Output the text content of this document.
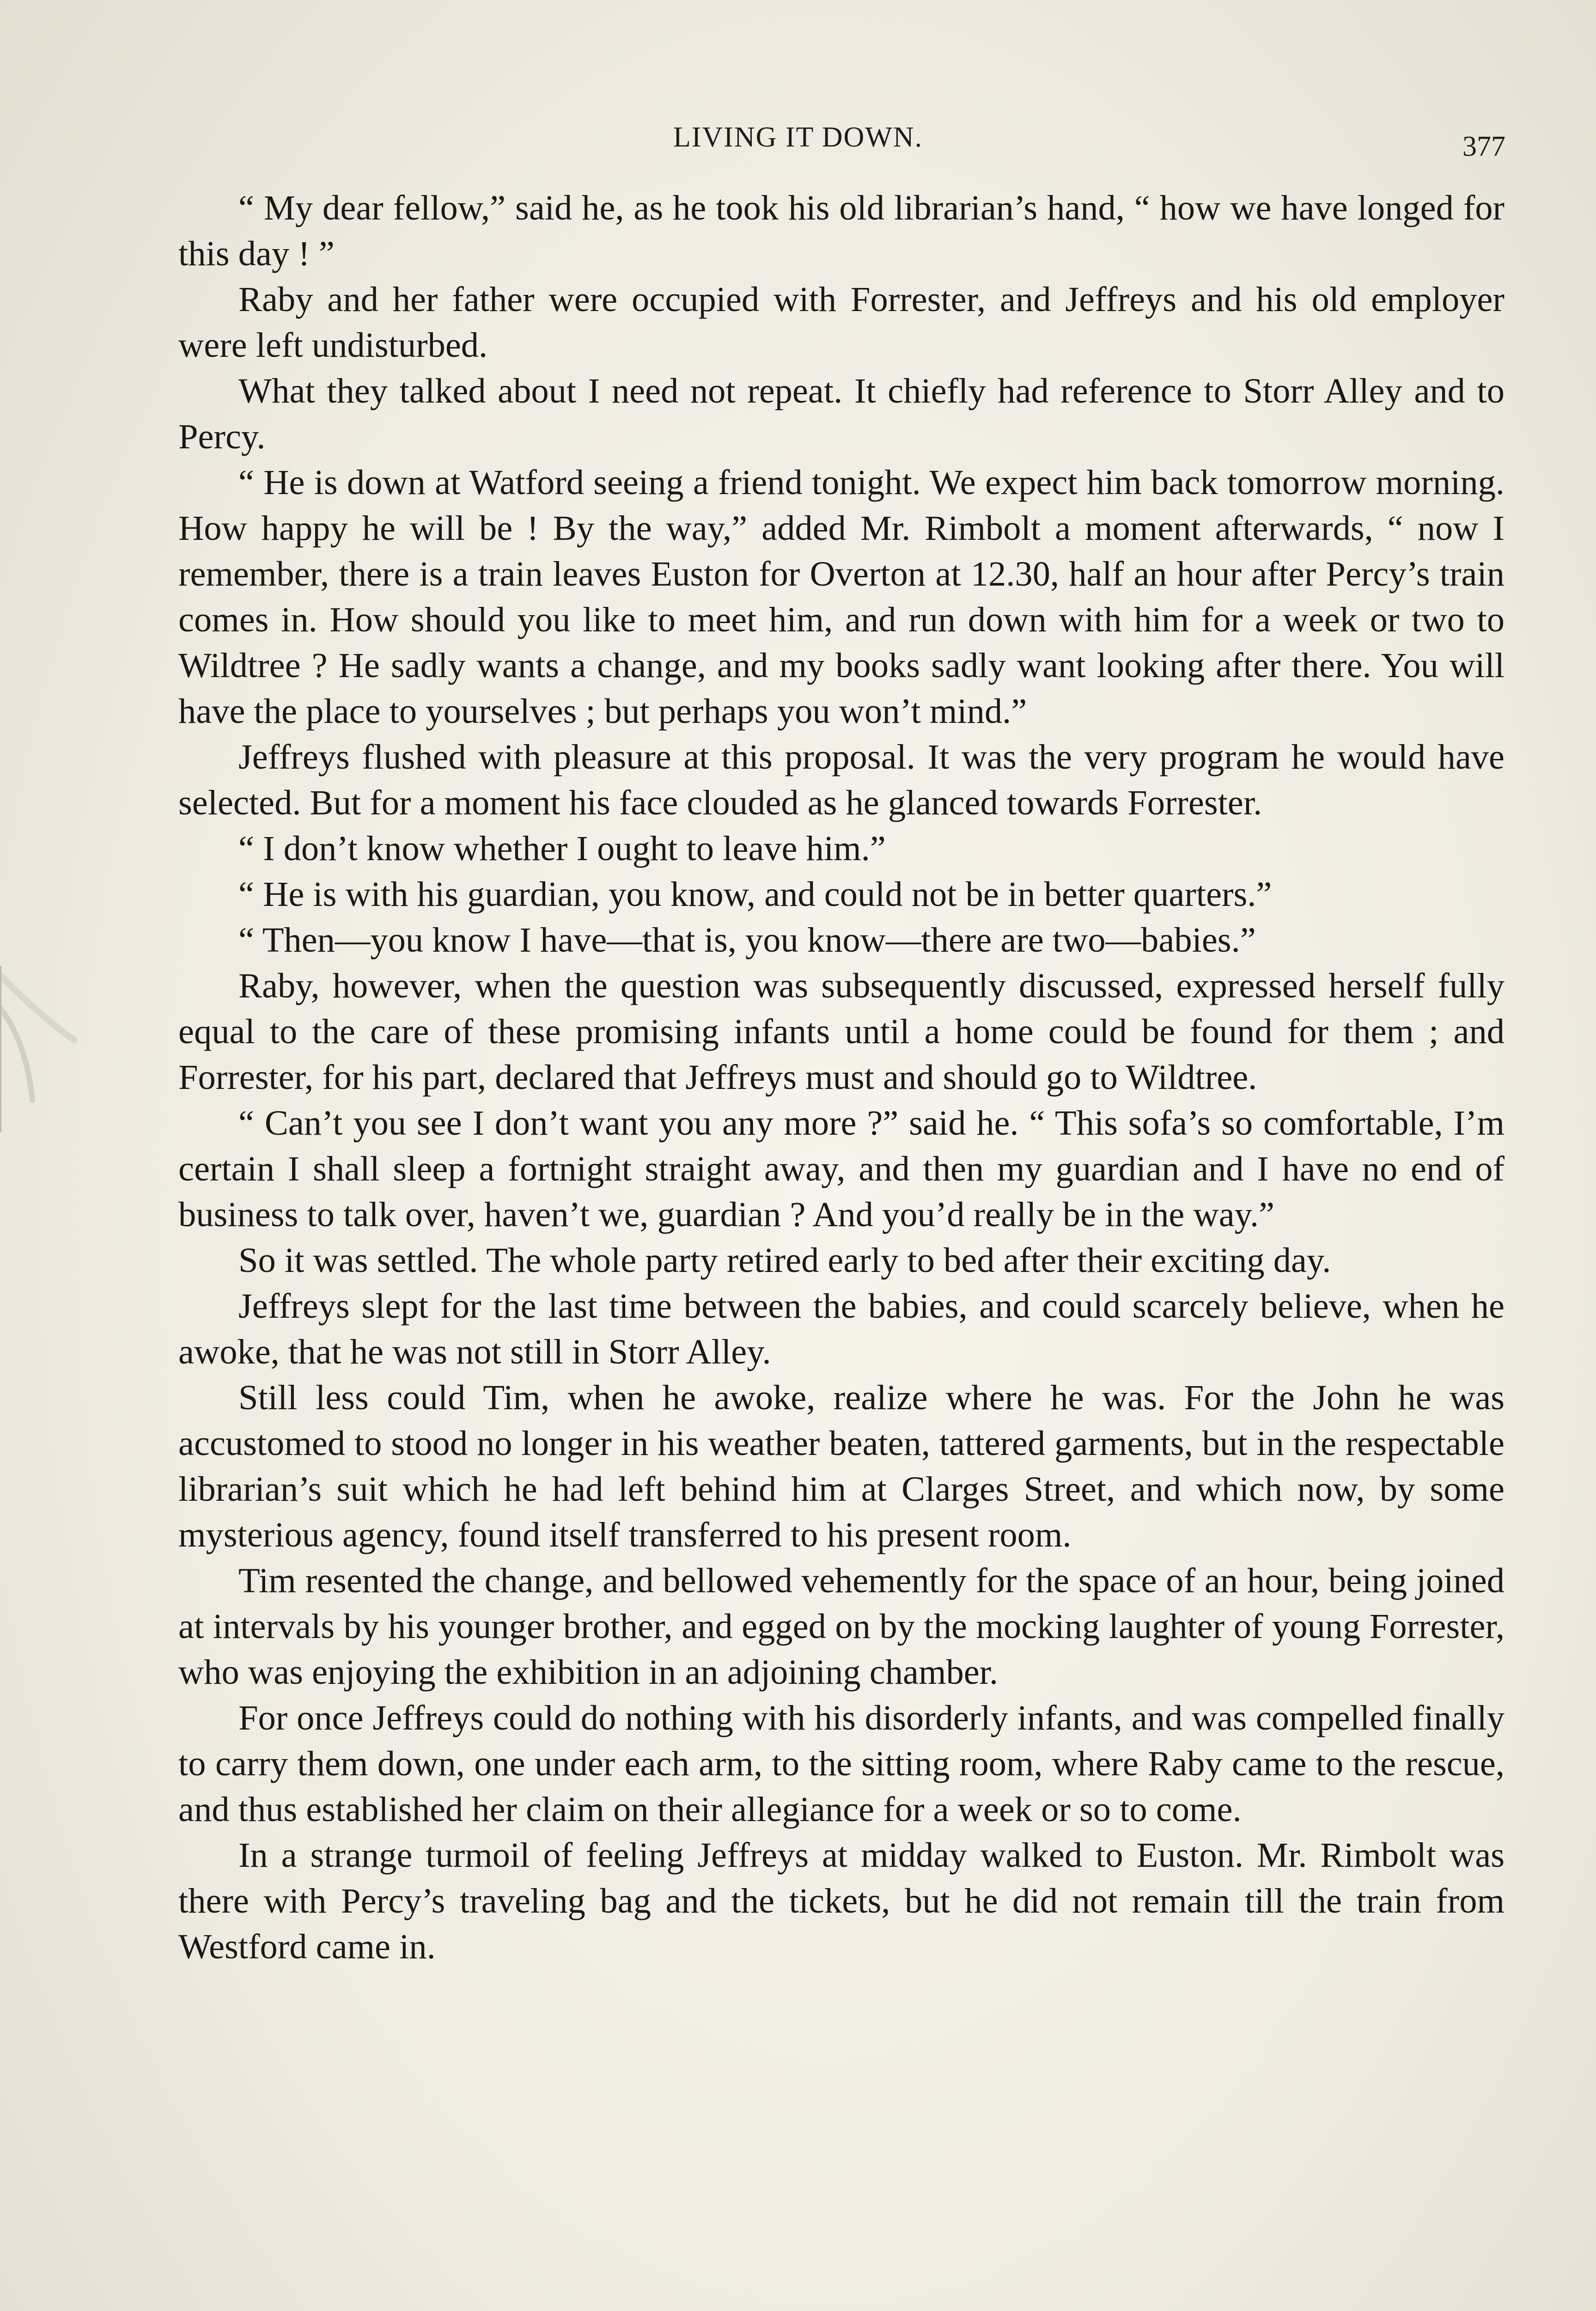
LIVING IT DOWN.	377

“ My dear fellow,” said he, as he took his old librarian’s hand, “ how we have longed for this day ! ”

Raby and her father were occupied with Forrester, and Jeffreys and his old employer were left undisturbed.

What they talked about I need not repeat. It chiefly had reference to Storr Alley and to Percy.

“ He is down at Watford seeing a friend tonight. We expect him back tomorrow morning. How happy he will be ! By the way,” added Mr. Rimbolt a moment afterwards, “ now I remember, there is a train leaves Euston for Overton at 12.30, half an hour after Percy’s train comes in. How should you like to meet him, and run down with him for a week or two to Wildtree ? He sadly wants a change, and my books sadly want looking after there. You will have the place to yourselves ; but perhaps you won’t mind.”

Jeffreys flushed with pleasure at this proposal. It was the very program he would have selected. But for a moment his face clouded as he glanced towards Forrester.

“ I don’t know whether I ought to leave him.”

“ He is with his guardian, you know, and could not be in better quarters.”

“ Then—you know I have—that is, you know—there are two—babies.”

Raby, however, when the question was subsequently discussed, expressed herself fully equal to the care of these promising infants until a home could be found for them ; and Forrester, for his part, declared that Jeffreys must and should go to Wildtree.

“ Can’t you see I don’t want you any more ?” said he. “ This sofa’s so comfortable, I’m certain I shall sleep a fortnight straight away, and then my guardian and I have no end of business to talk over, haven’t we, guardian ? And you’d really be in the way.”

So it was settled. The whole party retired early to bed after their exciting day.

Jeffreys slept for the last time between the babies, and could scarcely believe, when he awoke, that he was not still in Storr Alley.

Still less could Tim, when he awoke, realize where he was. For the John he was accustomed to stood no longer in his weather beaten, tattered garments, but in the respectable librarian’s suit which he had left behind him at Clarges Street, and which now, by some mysterious agency, found itself transferred to his present room.

Tim resented the change, and bellowed vehemently for the space of an hour, being joined at intervals by his younger brother, and egged on by the mocking laughter of young Forrester, who was enjoying the exhibition in an adjoining chamber.

For once Jeffreys could do nothing with his disorderly infants, and was compelled finally to carry them down, one under each arm, to the sitting room, where Raby came to the rescue, and thus established her claim on their allegiance for a week or so to come.

In a strange turmoil of feeling Jeffreys at midday walked to Euston. Mr. Rimbolt was there with Percy’s traveling bag and the tickets, but he did not remain till the train from Westford came in.
